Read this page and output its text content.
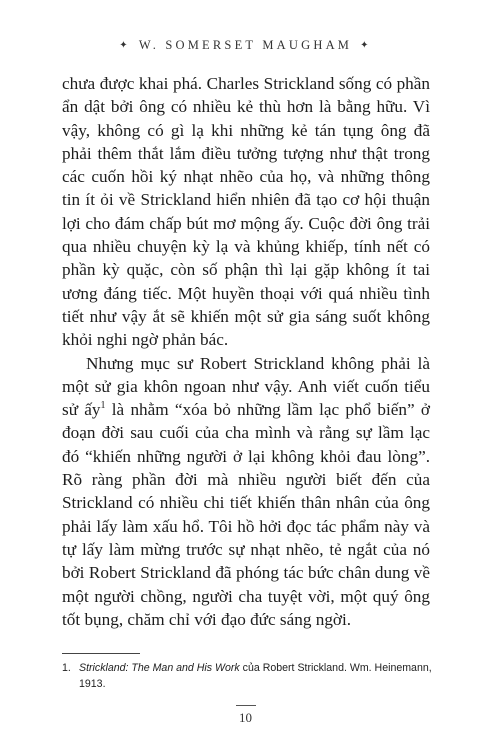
✦ W. SOMERSET MAUGHAM ✦

chưa được khai phá. Charles Strickland sống có phần ẩn dật bởi ông có nhiều kẻ thù hơn là bằng hữu. Vì vậy, không có gì lạ khi những kẻ tán tụng ông đã phải thêm thắt lắm điều tưởng tượng như thật trong các cuốn hồi ký nhạt nhẽo của họ, và những thông tin ít ỏi về Strickland hiển nhiên đã tạo cơ hội thuận lợi cho đám chấp bút mơ mộng ấy. Cuộc đời ông trải qua nhiều chuyện kỳ lạ và khủng khiếp, tính nết có phần kỳ quặc, còn số phận thì lại gặp không ít tai ương đáng tiếc. Một huyền thoại với quá nhiều tình tiết như vậy ắt sẽ khiến một sử gia sáng suốt không khỏi nghi ngờ phản bác.

Nhưng mục sư Robert Strickland không phải là một sử gia khôn ngoan như vậy. Anh viết cuốn tiểu sử ấy$^1$ là nhằm “xóa bỏ những lầm lạc phổ biến” ở đoạn đời sau cuối của cha mình và rằng sự lầm lạc đó “khiến những người ở lại không khỏi đau lòng”. Rõ ràng phần đời mà nhiều người biết đến của Strickland có nhiều chi tiết khiến thân nhân của ông phải lấy làm xấu hổ. Tôi hồ hởi đọc tác phẩm này và tự lấy làm mừng trước sự nhạt nhẽo, tẻ ngắt của nó bởi Robert Strickland đã phóng tác bức chân dung về một người chồng, người cha tuyệt vời, một quý ông tốt bụng, chăm chỉ với đạo đức sáng ngời.

1. Strickland: The Man and His Work của Robert Strickland. Wm. Heinemann,
1913.
10
